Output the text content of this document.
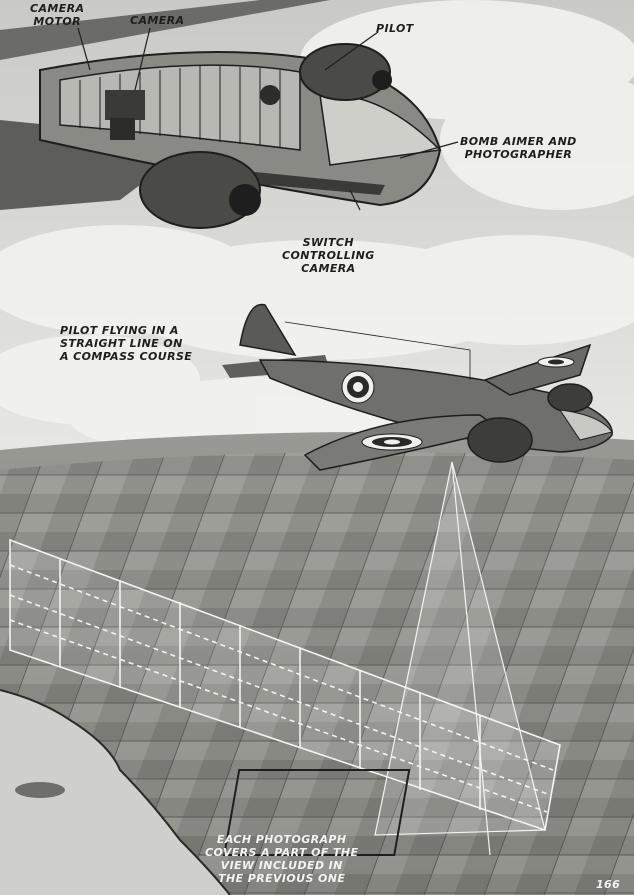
CAMERA
MOTOR	CAMERA
PILOT
BOMB AIMER AND
PHOTOGRAPHER
SWITCH
CONTROLLING
CAMERA
PILOT FLYING IN A
STRAIGHT LINE ON
A COMPASS COURSE
EACH PHOTOGRAPH
COVERS A PART OF THE
VIEW INCLUDED IN
THE PREVIOUS ONE	166
